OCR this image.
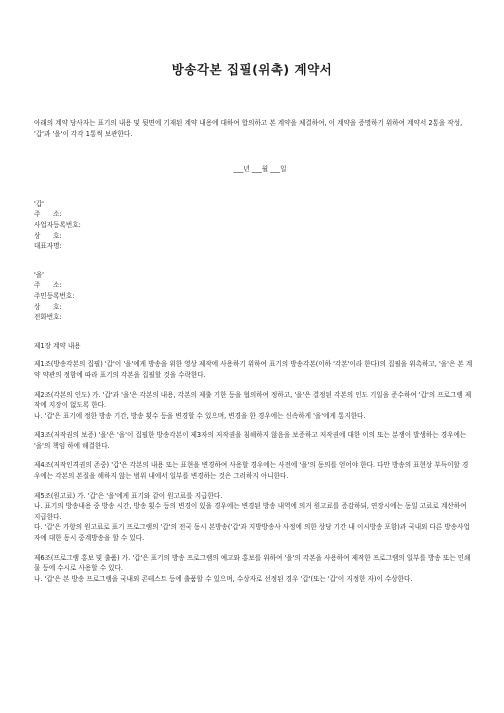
방송각본 집필(위촉) 계약서

아래의 계약 당사자는 표기의 내용 및 뒷면에 기재된 계약 내용에 대하여 합의하고 본 계약을 체결하여, 이 계약을 증명하기 위하여 계약서 2통을 작성, '갑'과 '을'이 각각 1통씩 보관한다.

___년 ___월 ___일

'갑'
주      소:
사업자등록번호:
상      호:
대표자명:
'을'
주      소:
주민등록번호:
상      호:
전화번호:

제1장 계약 내용

제1조(방송각본의 집필) '갑'이 '을'에게 방송을 위한 영상 제작에 사용하기 위하여 표기의 방송각본(이하 '각본'이라 한다)의 집필을 위촉하고, '을'은 본 계약 약관의 정함에 따라 표기의 각본을 집필할 것을 수락한다.

제2조(각본의 인도) 가. '갑'과 '을'은 각본의 내용, 각본의 제출 기한 등을 협의하여 정하고, '을'은 결정된 각본의 인도 기일을 준수하여 '갑'의 프로그램 제작에 지장이 없도록 한다.

나. '갑'은 표기에 정한 방송 기간, 방송 횟수 등을 변경할 수 있으며, 변경을 한 경우에는 신속하게 '을'에게 통지한다.

제3조(저작권의 보증) '을'은 '을'이 집필한 방송각본이 제3자의 저작권을 침해하지 않음을 보증하고 저작권에 대한 이의 또는 분쟁이 발생하는 경우에는 '을'의 책임 하에 해결한다.

제4조(저작인격권의 존중) '갑'은 각본의 내용 또는 표현을 변경하여 사용할 경우에는 사전에 '을'의 동의를 얻어야 한다. 다만 방송의 표현상 부득이할 경우에는 각본의 본질을 해하지 않는 범위 내에서 일부를 변경하는 것은 그러하지 아니한다.

제5조(원고료) 가. '갑'은 '을'에게 표기와 같이 원고료를 지급한다.

나. 표기의 방송내용 중 방송 시간, 방송 횟수 등의 변경이 있을 경우에는 변경된 방송 내역에 의거 원고료를 증감하되, 연장시에는 동일 고료로 계산하여 지급한다.

다. '갑'은 가항의 원고료로 표기 프로그램의 '갑'의 전국 동시 본방송('갑'과 지방방송사 사정에 의한 상당 기간 내 이시방송 포함)과 국내외 다른 방송사업자에 대한 동시 중계방송을 할 수 있다.

제6조(프로그램 홍보 및 출품) 가. '갑'은 표기의 방송 프로그램의 예고와 홍보를 위하여 '을'의 각본을 사용하여 제작한 프로그램의 일부를 방송 또는 인쇄물 등에 수시로 사용할 수 있다.

나. '갑'은 본 방송 프로그램을 국내외 콘테스트 등에 출품할 수 있으며, 수상자로 선정된 경우 '갑'(또는 '갑'이 지정한 자)이 수상한다.
